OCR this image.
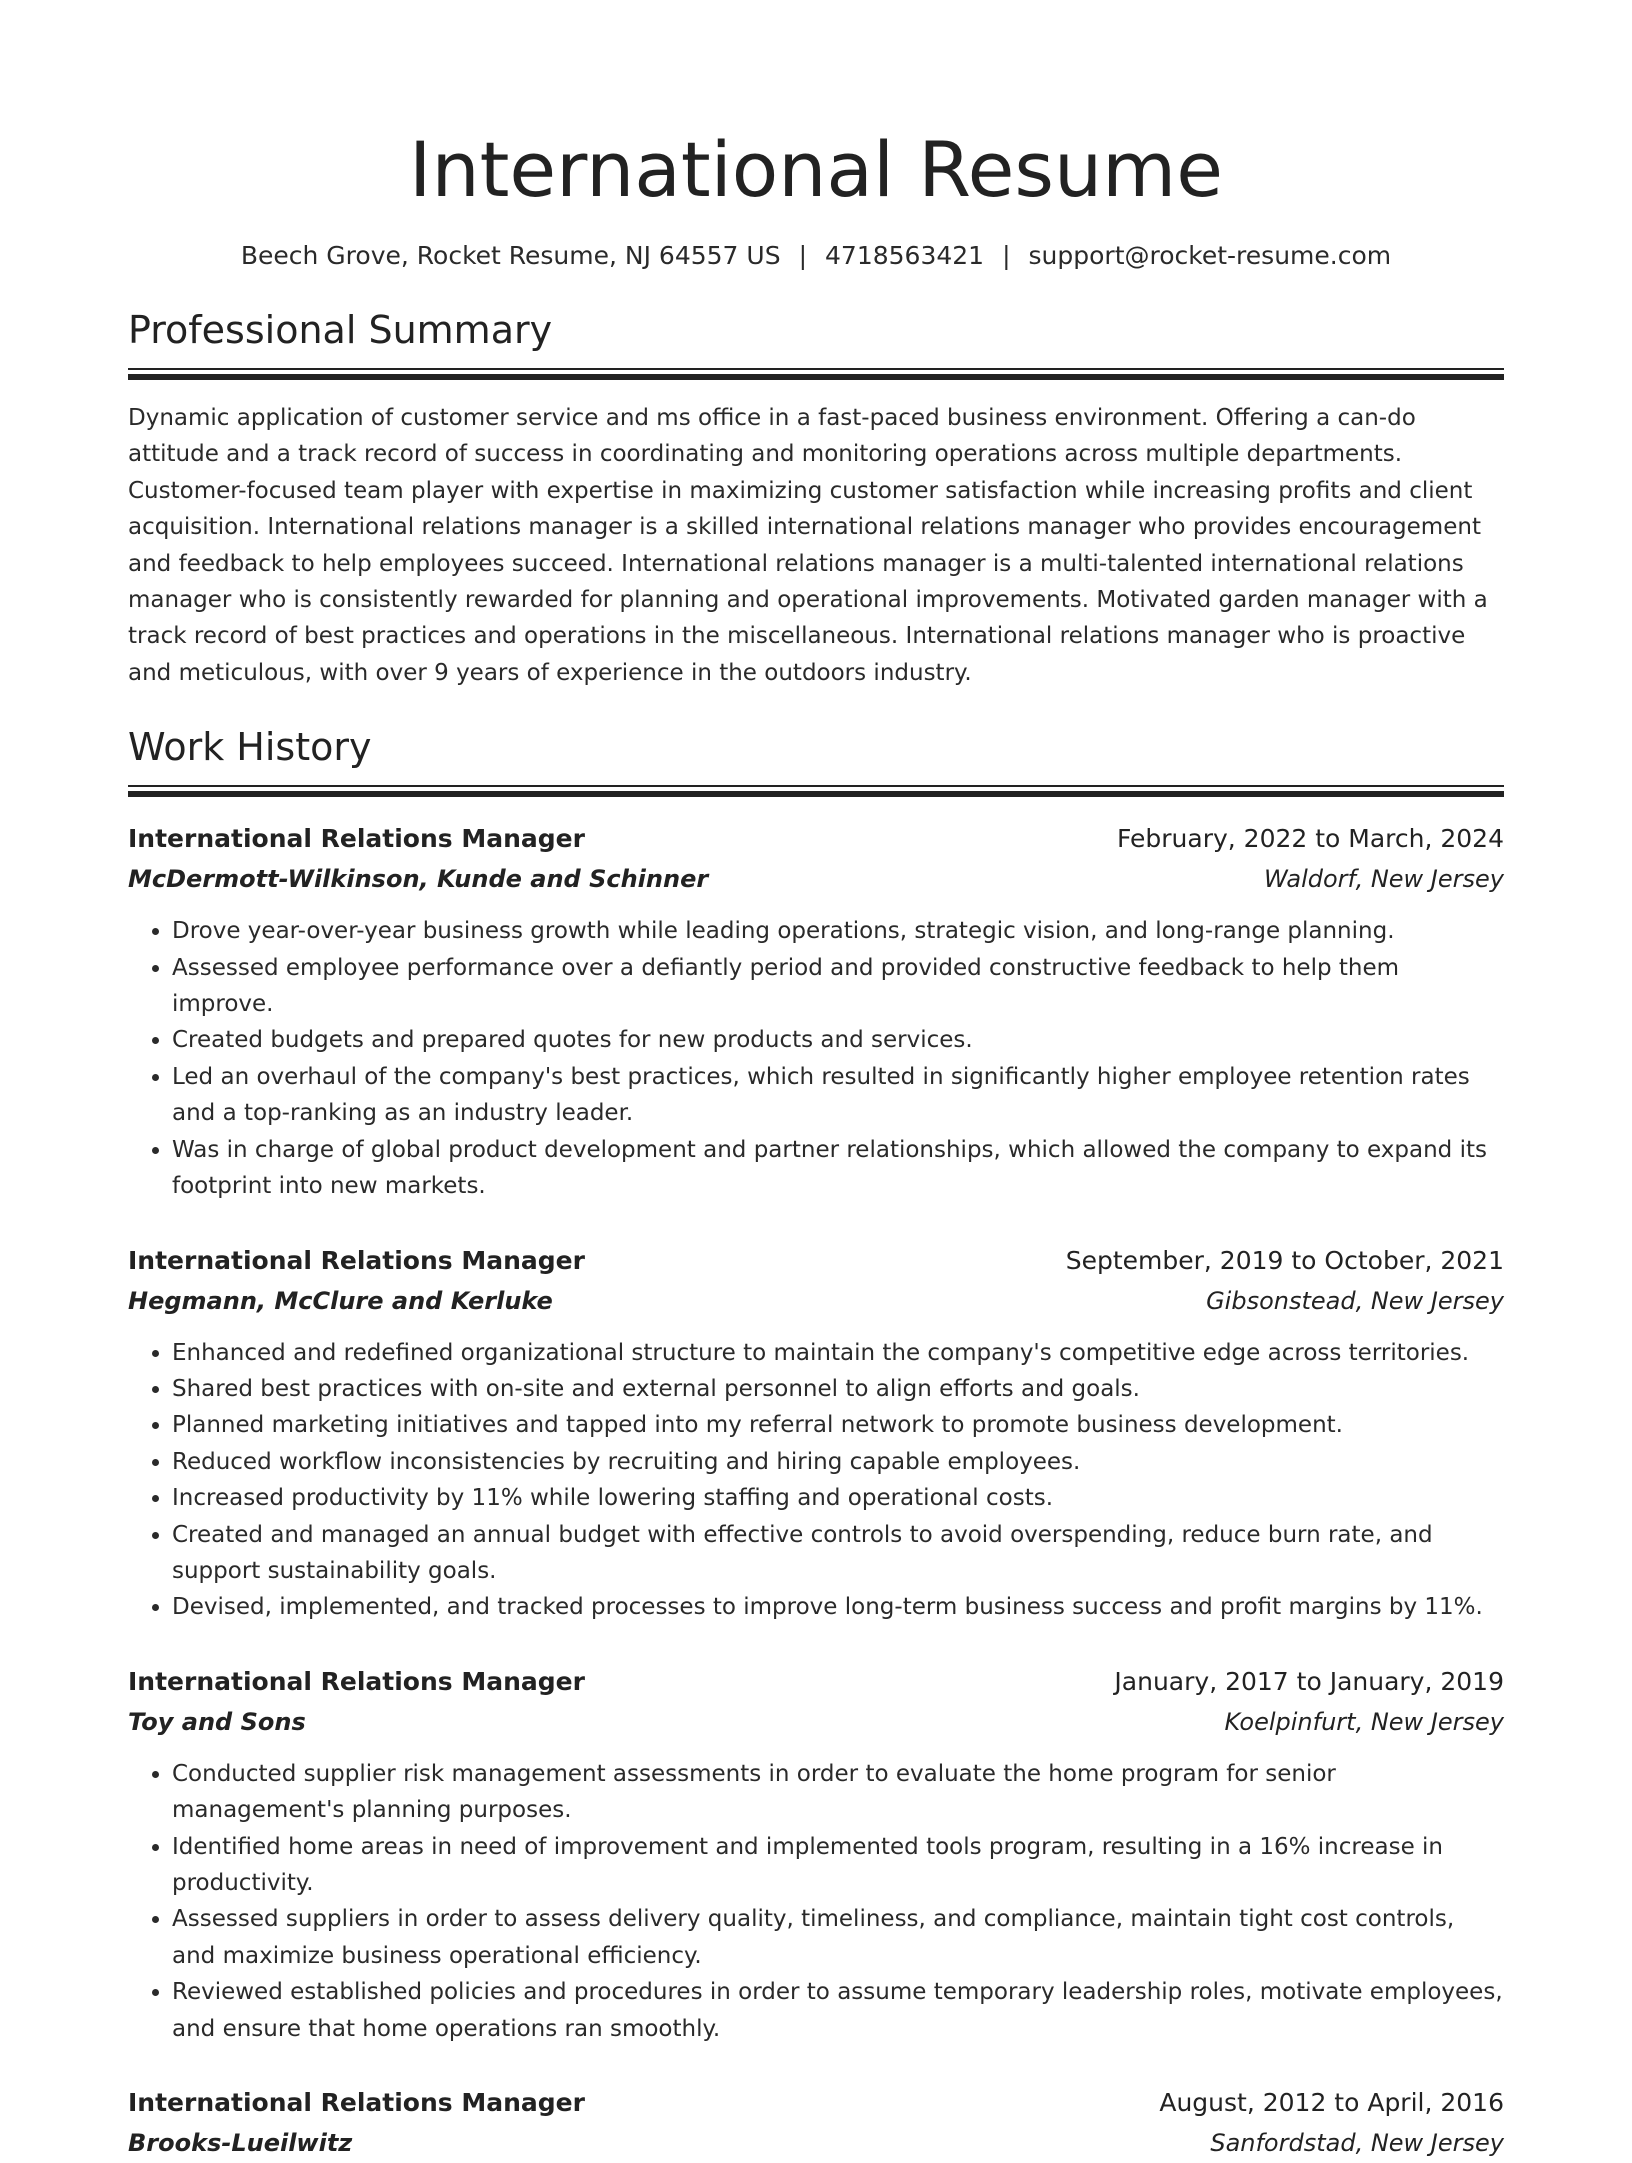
International Resume
Beech Grove, Rocket Resume, NJ 64557 US | 4718563421 | support@rocket-resume.com
Professional Summary

Dynamic application of customer service and ms office in a fast-paced business environment. Offering a can-do attitude and a track record of success in coordinating and monitoring operations across multiple departments. Customer-focused team player with expertise in maximizing customer satisfaction while increasing profits and client acquisition. International relations manager is a skilled international relations manager who provides encouragement and feedback to help employees succeed. International relations manager is a multi-talented international relations manager who is consistently rewarded for planning and operational improvements. Motivated garden manager with a track record of best practices and operations in the miscellaneous. International relations manager who is proactive and meticulous, with over 9 years of experience in the outdoors industry.

Work History
International Relations Manager	February, 2022 to March, 2024
McDermott-Wilkinson, Kunde and Schinner	Waldorf, New Jersey
• Drove year-over-year business growth while leading operations, strategic vision, and long-range planning.
• Assessed employee performance over a defiantly period and provided constructive feedback to help them improve.
• Created budgets and prepared quotes for new products and services.
• Led an overhaul of the company's best practices, which resulted in significantly higher employee retention rates and a top-ranking as an industry leader.
• Was in charge of global product development and partner relationships, which allowed the company to expand its footprint into new markets.
International Relations Manager	September, 2019 to October, 2021
Hegmann, McClure and Kerluke	Gibsonstead, New Jersey
• Enhanced and redefined organizational structure to maintain the company's competitive edge across territories.
• Shared best practices with on-site and external personnel to align efforts and goals.
• Planned marketing initiatives and tapped into my referral network to promote business development.
• Reduced workflow inconsistencies by recruiting and hiring capable employees.
• Increased productivity by 11% while lowering staffing and operational costs.
• Created and managed an annual budget with effective controls to avoid overspending, reduce burn rate, and support sustainability goals.
• Devised, implemented, and tracked processes to improve long-term business success and profit margins by 11%.
International Relations Manager	January, 2017 to January, 2019
Toy and Sons	Koelpinfurt, New Jersey
• Conducted supplier risk management assessments in order to evaluate the home program for senior management's planning purposes.
• Identified home areas in need of improvement and implemented tools program, resulting in a 16% increase in productivity.
• Assessed suppliers in order to assess delivery quality, timeliness, and compliance, maintain tight cost controls, and maximize business operational efficiency.
• Reviewed established policies and procedures in order to assume temporary leadership roles, motivate employees, and ensure that home operations ran smoothly.
International Relations Manager	August, 2012 to April, 2016
Brooks-Lueilwitz	Sanfordstad, New Jersey
